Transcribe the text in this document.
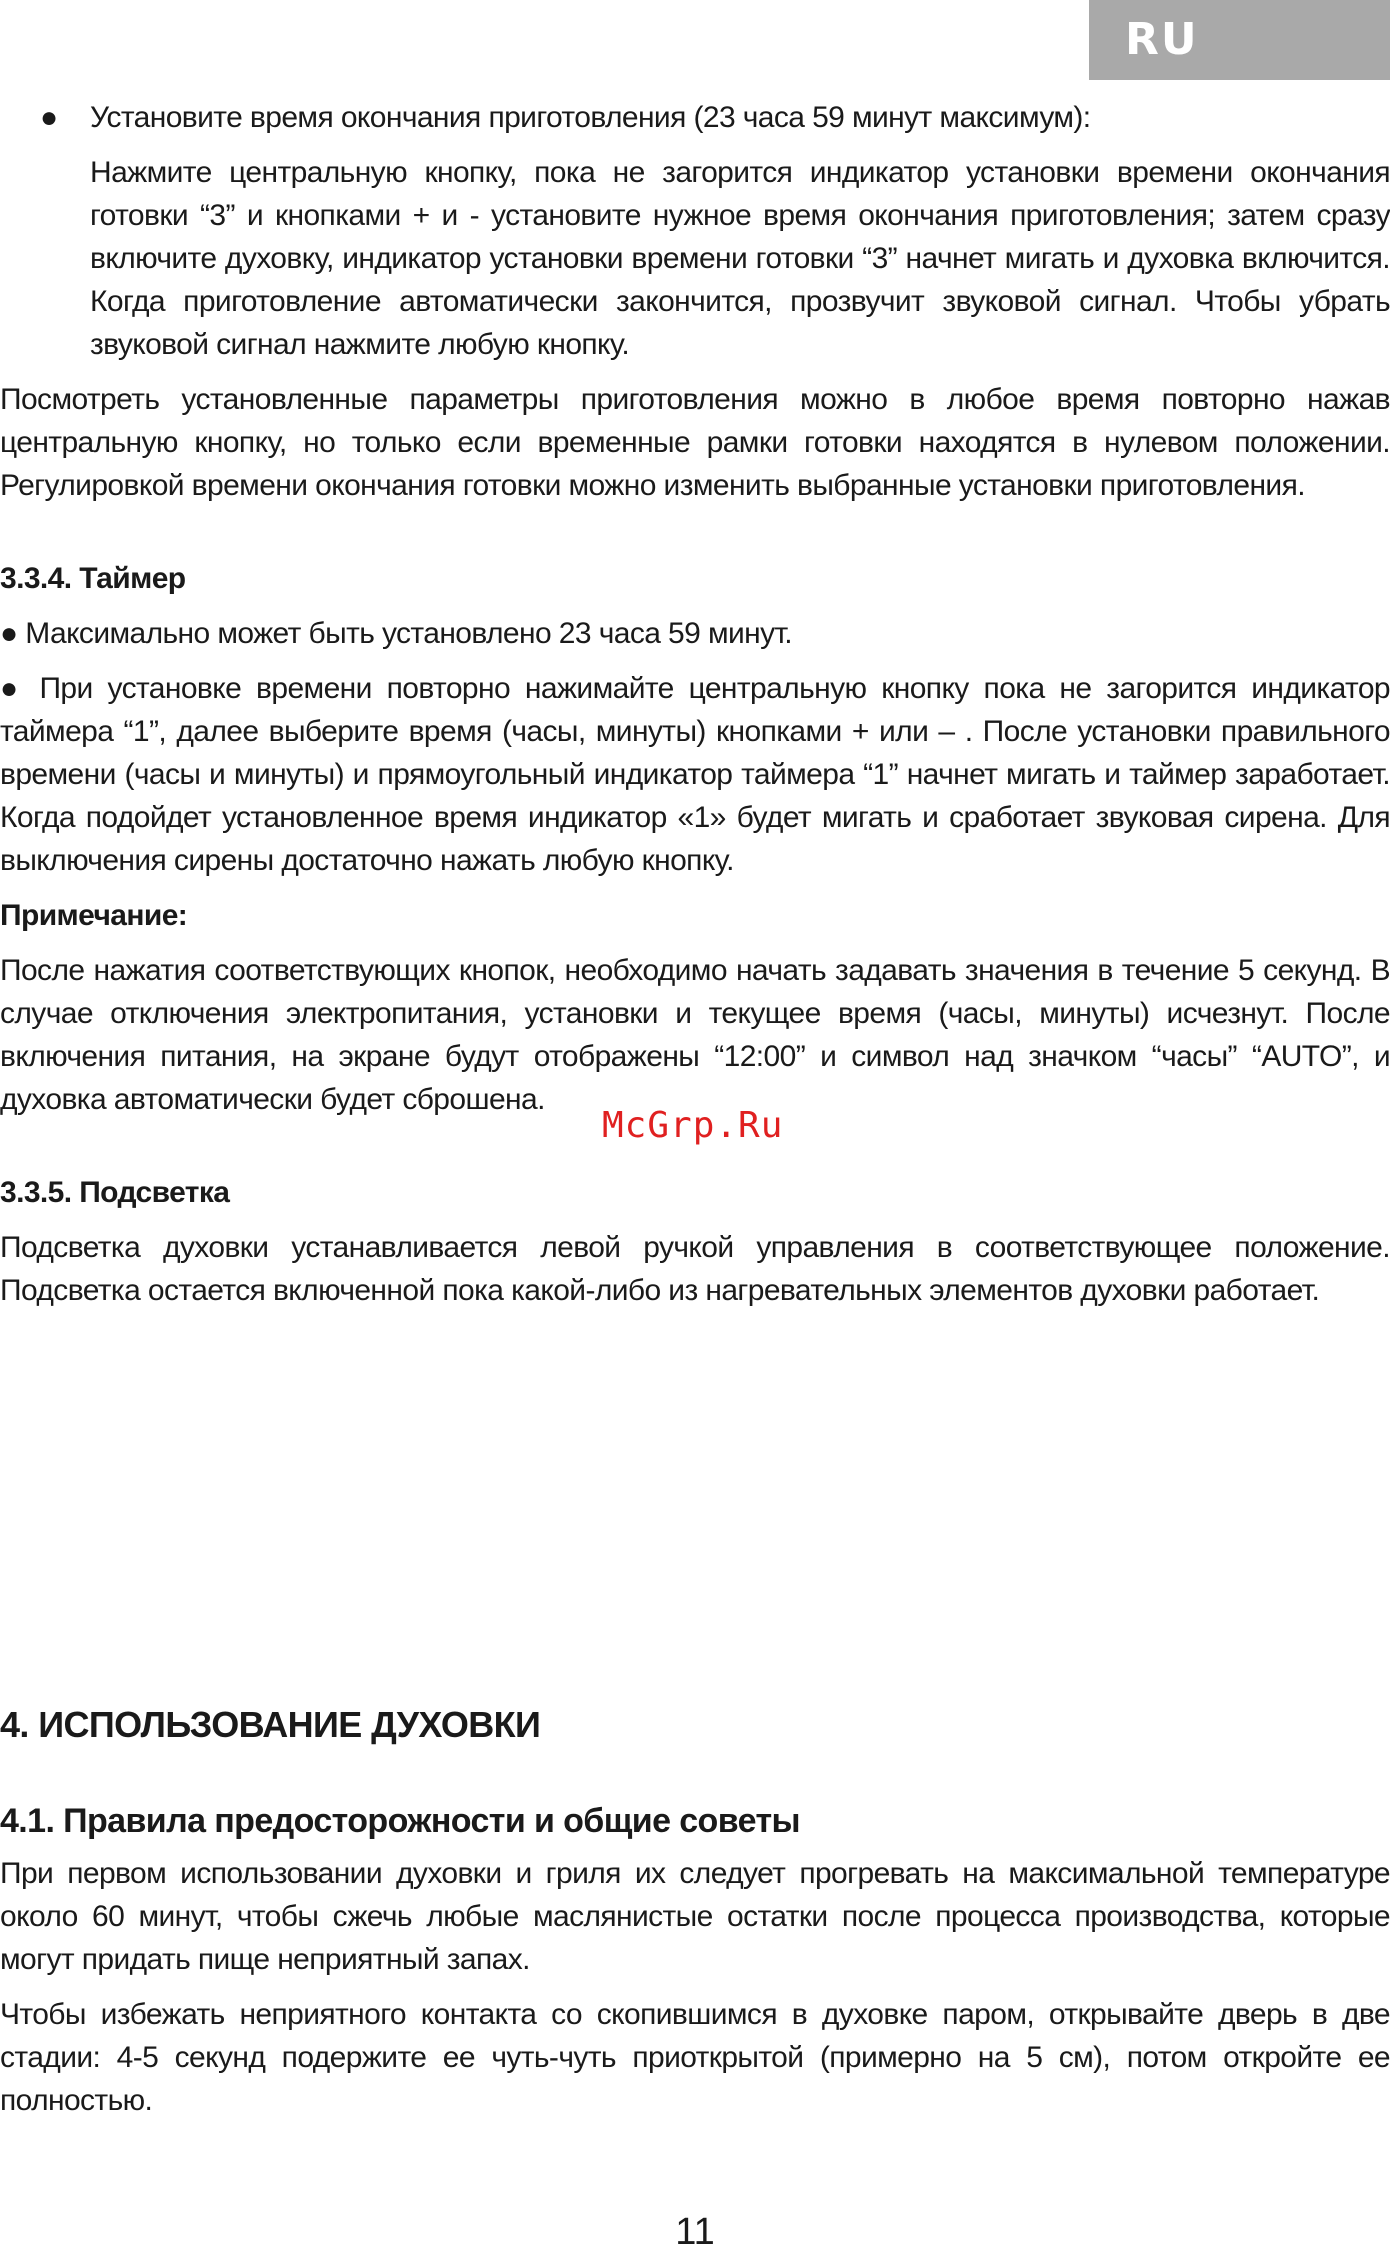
RU
●	Установите время окончания приготовления (23 часа 59 минут максимум):

Нажмите центральную кнопку, пока не загорится индикатор установки времени окончания готовки “3” и кнопками + и - установите нужное время окончания приготовления; затем сразу включите духовку, индикатор установки времени готовки “3” начнет мигать и духовка включится. Когда приготовление автоматически закончится, прозвучит звуковой сигнал. Чтобы убрать звуковой сигнал нажмите любую кнопку.

Посмотреть установленные параметры приготовления можно в любое время повторно нажав центральную кнопку, но только если временные рамки готовки находятся в нулевом положении. Регулировкой времени окончания готовки можно изменить выбранные установки приготовления.

3.3.4. Таймер

● Максимально может быть установлено 23 часа 59 минут.

● При установке времени повторно нажимайте центральную кнопку пока не загорится индикатор таймера “1”, далее выберите время (часы, минуты) кнопками + или – . После установки правильного времени (часы и минуты) и прямоугольный индикатор таймера “1” начнет мигать и таймер заработает. Когда подойдет установленное время индикатор «1» будет мигать и сработает звуковая сирена. Для выключения сирены достаточно нажать любую кнопку.

Примечание:

После нажатия соответствующих кнопок, необходимо начать задавать значения в течение 5 секунд. В случае отключения электропитания, установки и текущее время (часы, минуты) исчезнут. После включения питания, на экране будут отображены “12:00” и символ над значком “часы” “AUTO”, и духовка автоматически будет сброшена.

3.3.5. Подсветка

Подсветка духовки устанавливается левой ручкой управления в соответствующее положение. Подсветка остается включенной пока какой-либо из нагревательных элементов духовки работает.

4. ИСПОЛЬЗОВАНИЕ ДУХОВКИ

4.1. Правила предосторожности и общие советы

При первом использовании духовки и гриля их следует прогревать на максимальной температуре около 60 минут, чтобы сжечь любые маслянистые остатки после процесса производства, которые могут придать пище неприятный запах.

Чтобы избежать неприятного контакта со скопившимся в духовке паром, открывайте дверь в две стадии: 4-5 секунд подержите ее чуть-чуть приоткрытой (примерно на 5 см), потом откройте ее полностью.

McGrp.Ru
11
